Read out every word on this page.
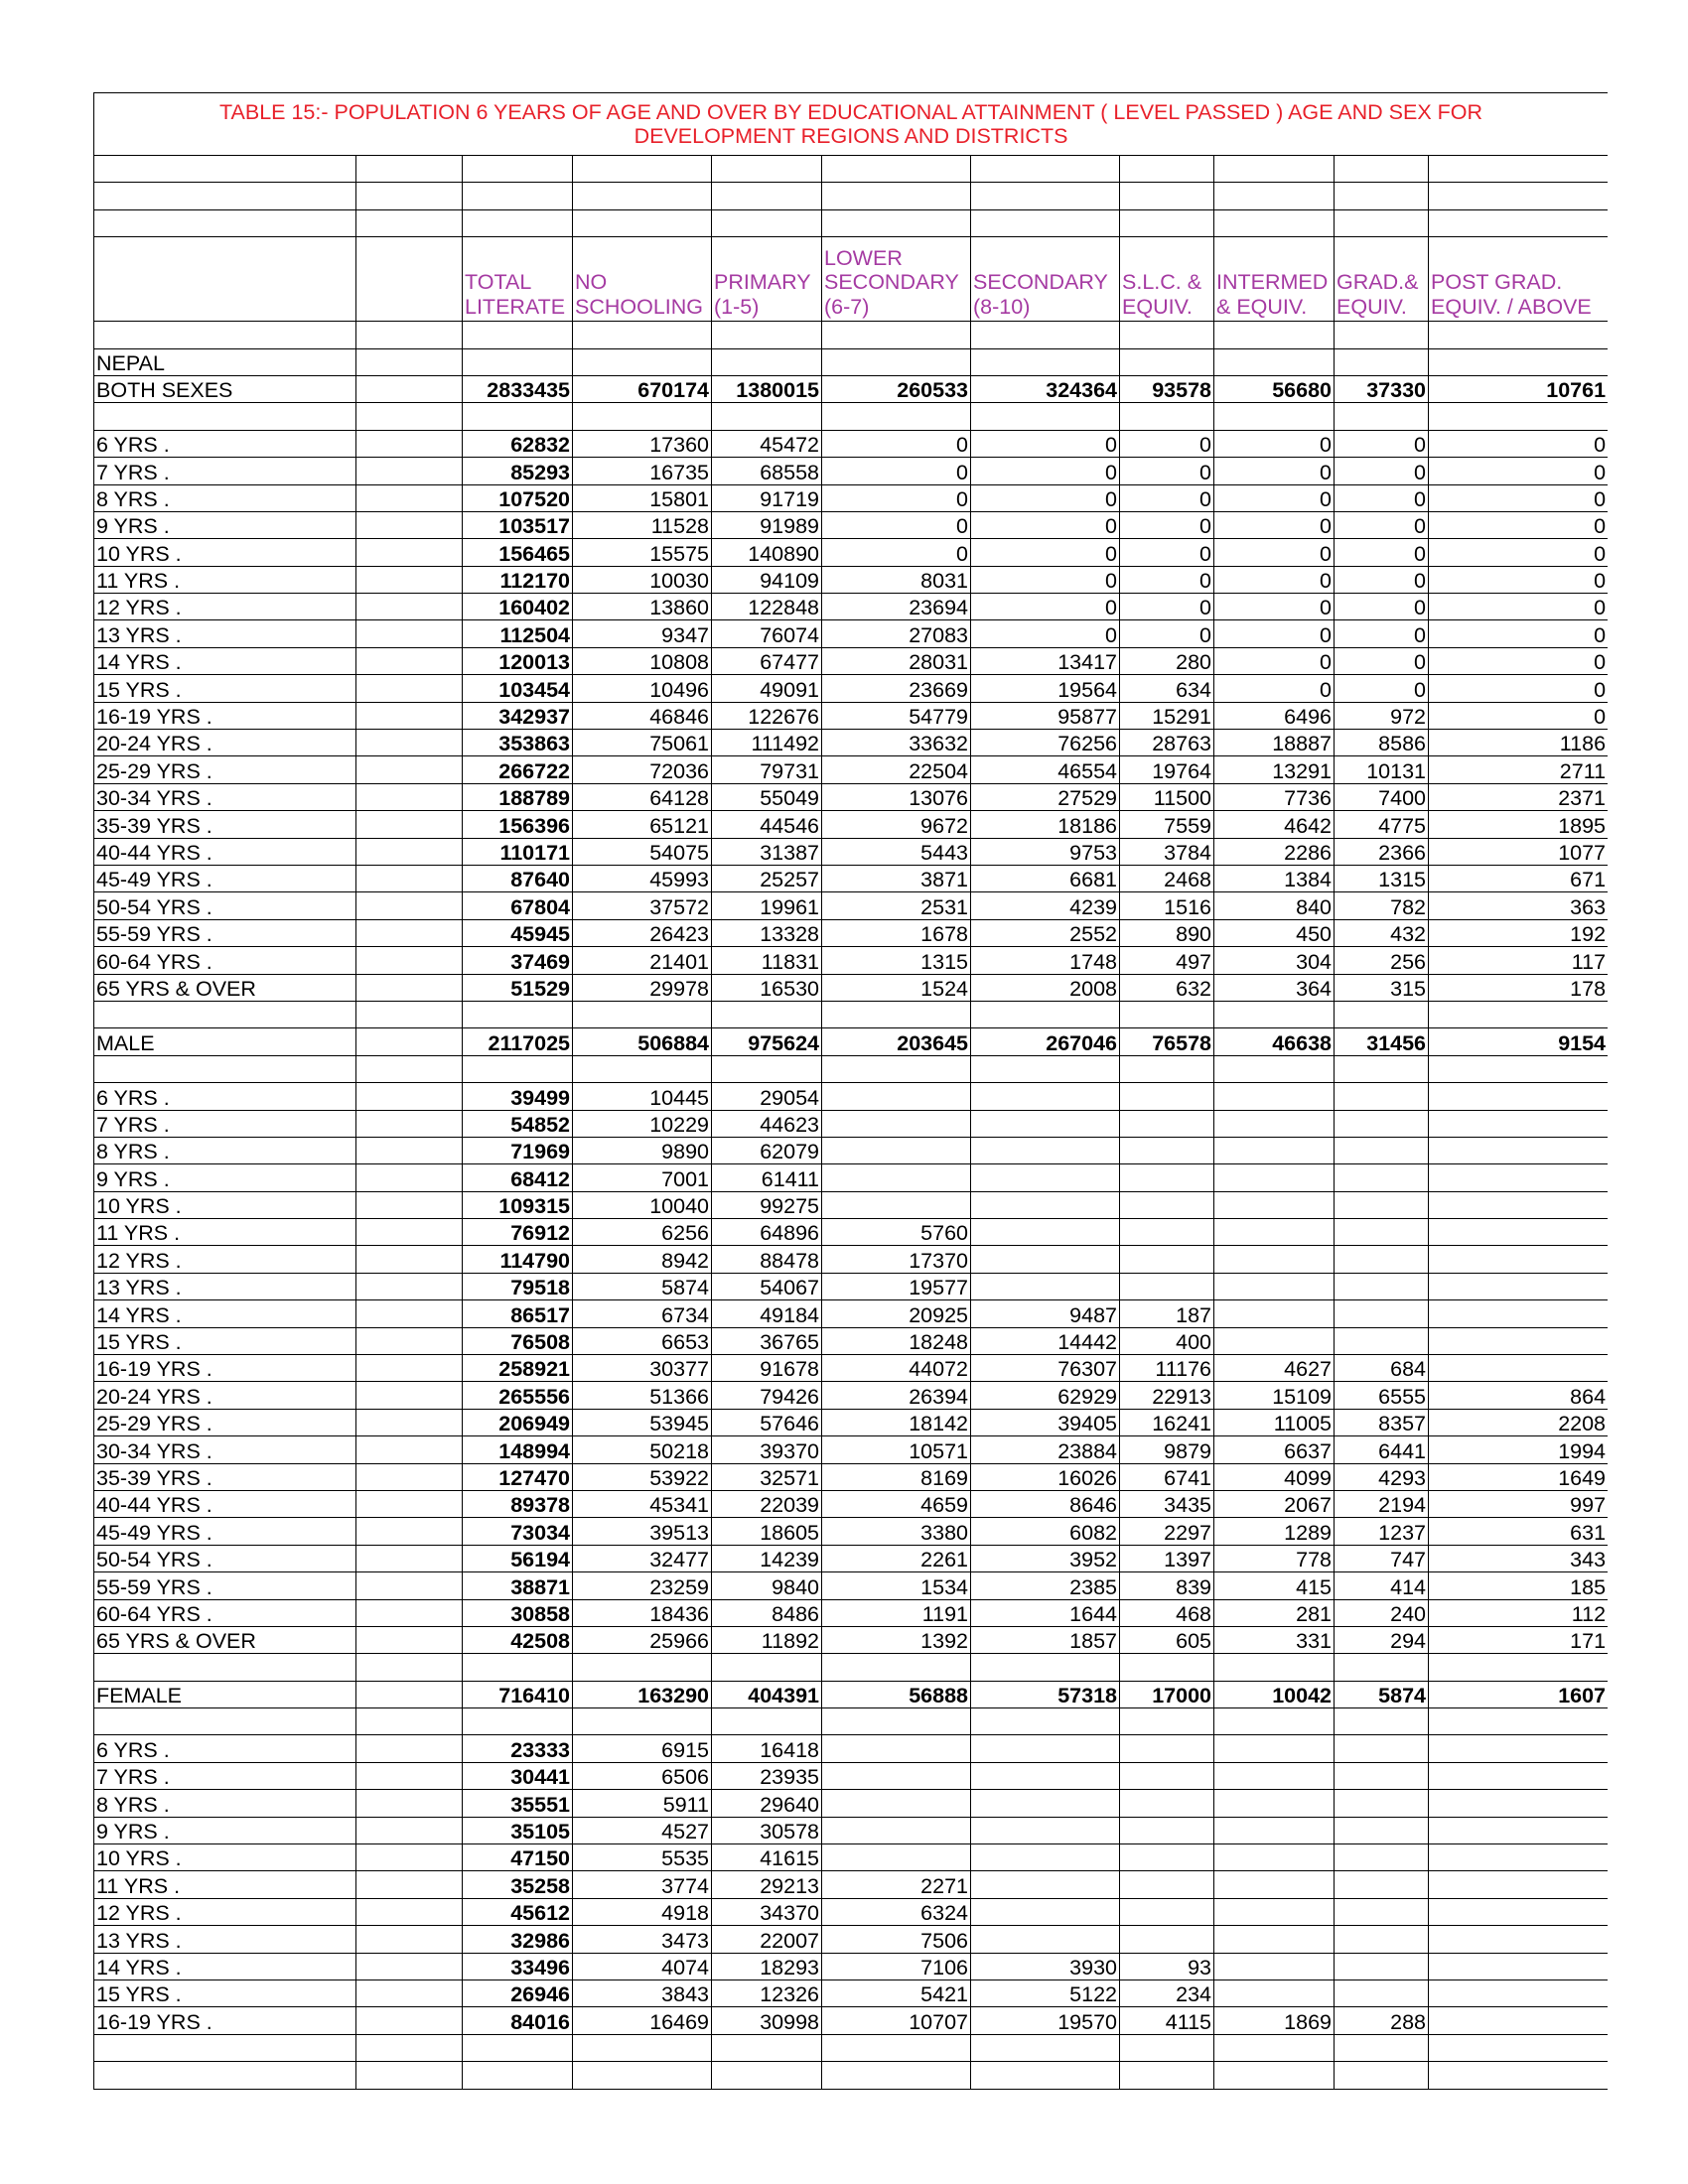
TABLE 15:- POPULATION 6 YEARS OF AGE AND OVER BY EDUCATIONAL ATTAINMENT ( LEVEL PASSED ) AGE AND SEX FOR
DEVELOPMENT REGIONS AND DISTRICTS										

		TOTAL LITERATE	NO SCHOOLING	PRIMARY (1-5)	LOWER SECONDARY (6-7)	SECONDARY (8-10)	S.L.C. & EQUIV.	INTERMED & EQUIV.	GRAD.& EQUIV.	POST GRAD. EQUIV. / ABOVE

NEPAL										
BOTH SEXES		2833435	670174	1380015	260533	324364	93578	56680	37330	10761

6 YRS .		62832	17360	45472	0	0	0	0	0	0
7 YRS .		85293	16735	68558	0	0	0	0	0	0
8 YRS .		107520	15801	91719	0	0	0	0	0	0
9 YRS .		103517	11528	91989	0	0	0	0	0	0
10 YRS .		156465	15575	140890	0	0	0	0	0	0
11 YRS .		112170	10030	94109	8031	0	0	0	0	0
12 YRS .		160402	13860	122848	23694	0	0	0	0	0
13 YRS .		112504	9347	76074	27083	0	0	0	0	0
14 YRS .		120013	10808	67477	28031	13417	280	0	0	0
15 YRS .		103454	10496	49091	23669	19564	634	0	0	0
16-19 YRS .		342937	46846	122676	54779	95877	15291	6496	972	0
20-24 YRS .		353863	75061	111492	33632	76256	28763	18887	8586	1186
25-29 YRS .		266722	72036	79731	22504	46554	19764	13291	10131	2711
30-34 YRS .		188789	64128	55049	13076	27529	11500	7736	7400	2371
35-39 YRS .		156396	65121	44546	9672	18186	7559	4642	4775	1895
40-44 YRS .		110171	54075	31387	5443	9753	3784	2286	2366	1077
45-49 YRS .		87640	45993	25257	3871	6681	2468	1384	1315	671
50-54 YRS .		67804	37572	19961	2531	4239	1516	840	782	363
55-59 YRS .		45945	26423	13328	1678	2552	890	450	432	192
60-64 YRS .		37469	21401	11831	1315	1748	497	304	256	117
65 YRS & OVER		51529	29978	16530	1524	2008	632	364	315	178

MALE		2117025	506884	975624	203645	267046	76578	46638	31456	9154

6 YRS .		39499	10445	29054						
7 YRS .		54852	10229	44623						
8 YRS .		71969	9890	62079						
9 YRS .		68412	7001	61411						
10 YRS .		109315	10040	99275						
11 YRS .		76912	6256	64896	5760					
12 YRS .		114790	8942	88478	17370					
13 YRS .		79518	5874	54067	19577					
14 YRS .		86517	6734	49184	20925	9487	187			
15 YRS .		76508	6653	36765	18248	14442	400			
16-19 YRS .		258921	30377	91678	44072	76307	11176	4627	684	
20-24 YRS .		265556	51366	79426	26394	62929	22913	15109	6555	864
25-29 YRS .		206949	53945	57646	18142	39405	16241	11005	8357	2208
30-34 YRS .		148994	50218	39370	10571	23884	9879	6637	6441	1994
35-39 YRS .		127470	53922	32571	8169	16026	6741	4099	4293	1649
40-44 YRS .		89378	45341	22039	4659	8646	3435	2067	2194	997
45-49 YRS .		73034	39513	18605	3380	6082	2297	1289	1237	631
50-54 YRS .		56194	32477	14239	2261	3952	1397	778	747	343
55-59 YRS .		38871	23259	9840	1534	2385	839	415	414	185
60-64 YRS .		30858	18436	8486	1191	1644	468	281	240	112
65 YRS & OVER		42508	25966	11892	1392	1857	605	331	294	171

FEMALE		716410	163290	404391	56888	57318	17000	10042	5874	1607

6 YRS .		23333	6915	16418						
7 YRS .		30441	6506	23935						
8 YRS .		35551	5911	29640						
9 YRS .		35105	4527	30578						
10 YRS .		47150	5535	41615						
11 YRS .		35258	3774	29213	2271					
12 YRS .		45612	4918	34370	6324					
13 YRS .		32986	3473	22007	7506					
14 YRS .		33496	4074	18293	7106	3930	93			
15 YRS .		26946	3843	12326	5421	5122	234			
16-19 YRS .		84016	16469	30998	10707	19570	4115	1869	288	
